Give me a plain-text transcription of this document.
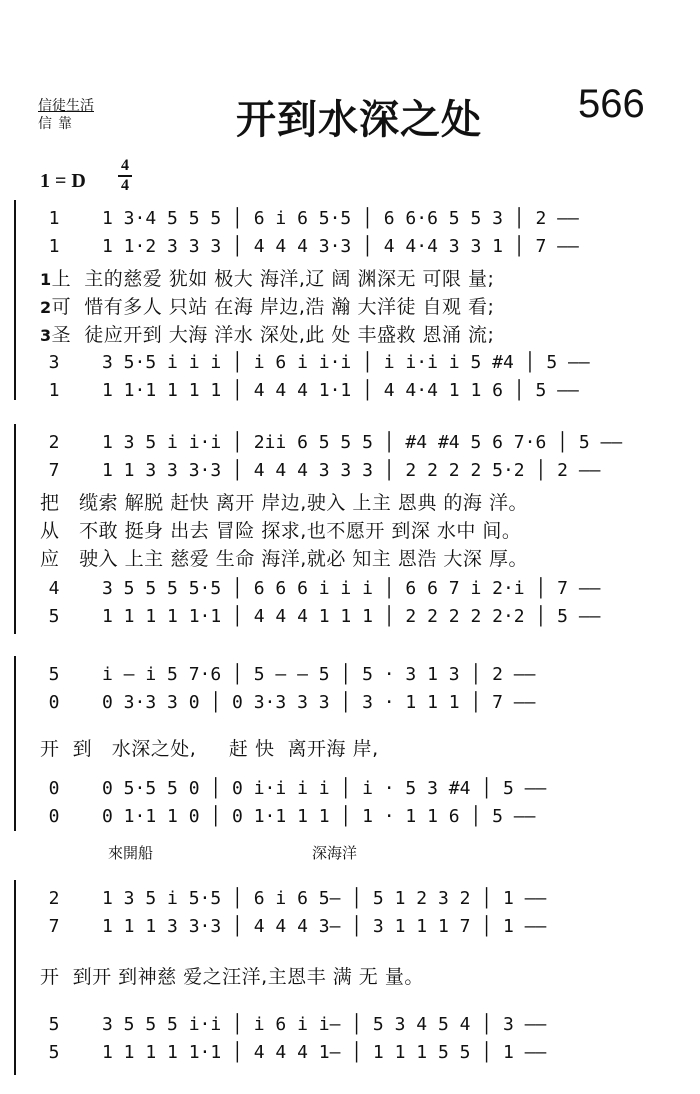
信徒生活
信靠	开到水深之处 566
1 = D
4
4
1 1 3·4 5 5 5 │ 6 i 6 5·5 │ 6 6·6 5 5 3 │ 2 ——
1 1 1·2 3 3 3 │ 4 4 4 3·3 │ 4 4·4 3 3 1 │ 7 ——
1上  主的慈爱 犹如 极大 海洋,辽 阔 渊深无 可限 量;
2可  惜有多人 只站 在海 岸边,浩 瀚 大洋徒 自观 看;
3圣  徒应开到 大海 洋水 深处,此 处 丰盛救 恩涌 流;
3 3 5·5 i i i │ i 6 i i·i │ i i·i i 5 #4 │ 5 ——
1 1 1·1 1 1 1 │ 4 4 4 1·1 │ 4 4·4 1 1 6 │ 5 ——
2 1 3 5 i i·i │ 2ii 6 5 5 5 │ #4 #4 5 6 7·6 │ 5 ——
7 1 1 3 3 3·3 │ 4 4 4 3 3 3 │ 2 2 2 2 5·2 │ 2 ——
把   缆索 解脱 赶快 离开 岸边,驶入 上主 恩典 的海 洋。
从   不敢 挺身 出去 冒险 探求,也不愿开 到深 水中 间。
应   驶入 上主 慈爱 生命 海洋,就必 知主 恩浩 大深 厚。
4 3 5 5 5 5·5 │ 6 6 6 i i i │ 6 6 7 i 2·i │ 7 ——
5 1 1 1 1 1·1 │ 4 4 4 1 1 1 │ 2 2 2 2 2·2 │ 5 ——
5 i — i 5 7·6 │ 5 — — 5 │ 5 · 3 1 3 │ 2 ——
0 0 3·3 3 0 │ 0 3·3 3 3 │ 3 · 1 1 1 │ 7 ——
开  到   水深之处,     赶 快  离开海 岸,
0 0 5·5 5 0 │ 0 i·i i i │ i · 5 3 #4 │ 5 ——
0 0 1·1 1 0 │ 0 1·1 1 1 │ 1 · 1 1 6 │ 5 ——
來開船	深海洋
2 1 3 5 i 5·5 │ 6 i 6 5— │ 5 1 2 3 2 │ 1 ——
7 1 1 1 3 3·3 │ 4 4 4 3— │ 3 1 1 1 7 │ 1 ——
开  到开 到神慈 爱之汪洋,主恩丰 满 无 量。
5 3 5 5 5 i·i │ i 6 i i— │ 5 3 4 5 4 │ 3 ——
5 1 1 1 1 1·1 │ 4 4 4 1— │ 1 1 1 5 5 │ 1 ——
